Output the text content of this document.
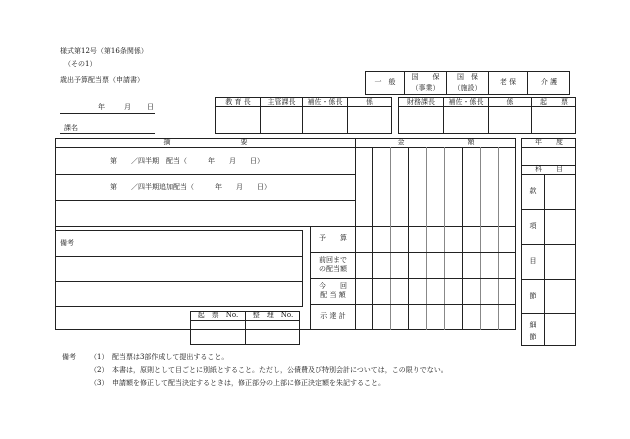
様式第12号（第16条関係）
（その1）
歳出予算配当票（申請書）
年	月 日
課名
一　般
国　　保
（事業）
国　保
（施設）
老 保	介 護
教 育 長	主管課長	補佐・係長	係	財務課長	補佐・係長	係	起　　票
摘　　　　　　　　　　要	金　　　　　　　　　額
第　　／四半期　配当（　　　年　　月　　日）
第　　／四半期追加配当（　　　年　　月　　日）
予　　算
前回まで
の配当額
今　　回
配 当 額
示 達 計
備考
起　票　No.	整　理　No.
年　　度
科　　目
款
項
目
節
細
節
備考 （1）　配当票は3部作成して提出すること。
（2）　本書は，原則として目ごとに別紙とすること。ただし，公債費及び特別会計については，この限りでない。
（3）　申請額を修正して配当決定するときは，修正部分の上部に修正決定額を朱記すること。
